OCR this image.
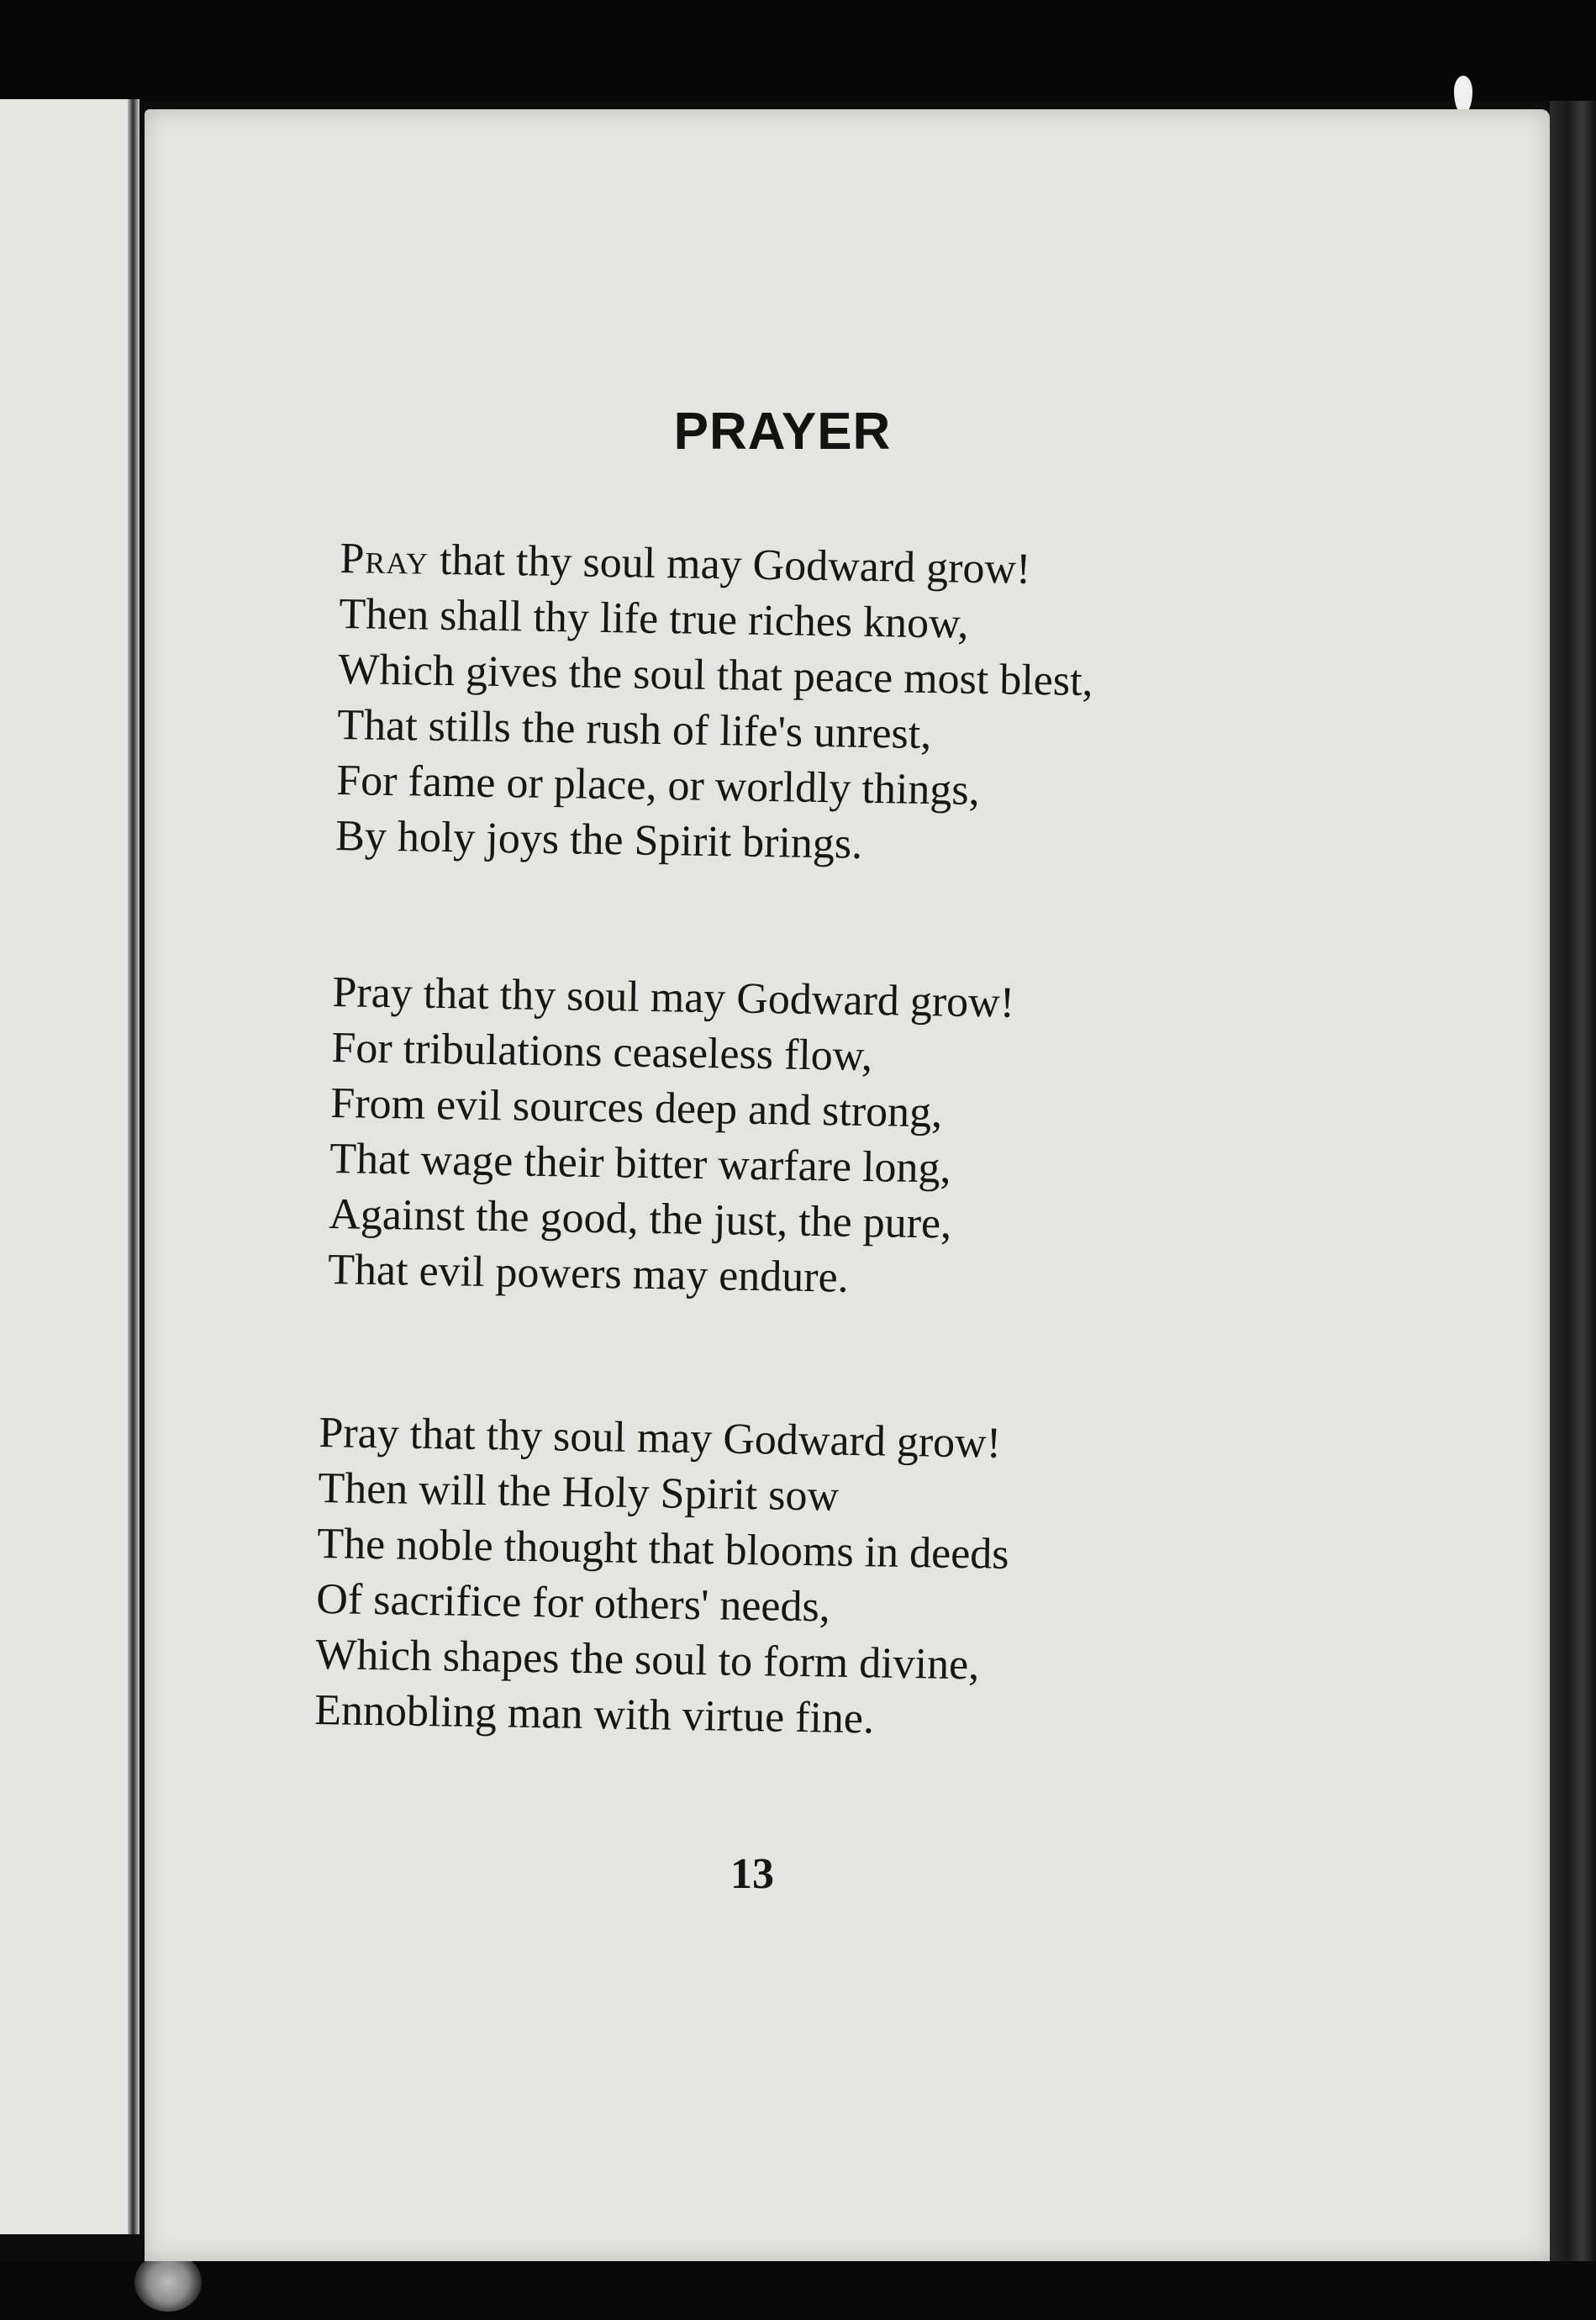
PRAYER
Pray that thy soul may Godward grow!
Then shall thy life true riches know,
Which gives the soul that peace most blest,
That stills the rush of life's unrest,
For fame or place, or worldly things,
By holy joys the Spirit brings.
Pray that thy soul may Godward grow!
For tribulations ceaseless flow,
From evil sources deep and strong,
That wage their bitter warfare long,
Against the good, the just, the pure,
That evil powers may endure.
Pray that thy soul may Godward grow!
Then will the Holy Spirit sow
The noble thought that blooms in deeds
Of sacrifice for others' needs,
Which shapes the soul to form divine,
Ennobling man with virtue fine.

13
